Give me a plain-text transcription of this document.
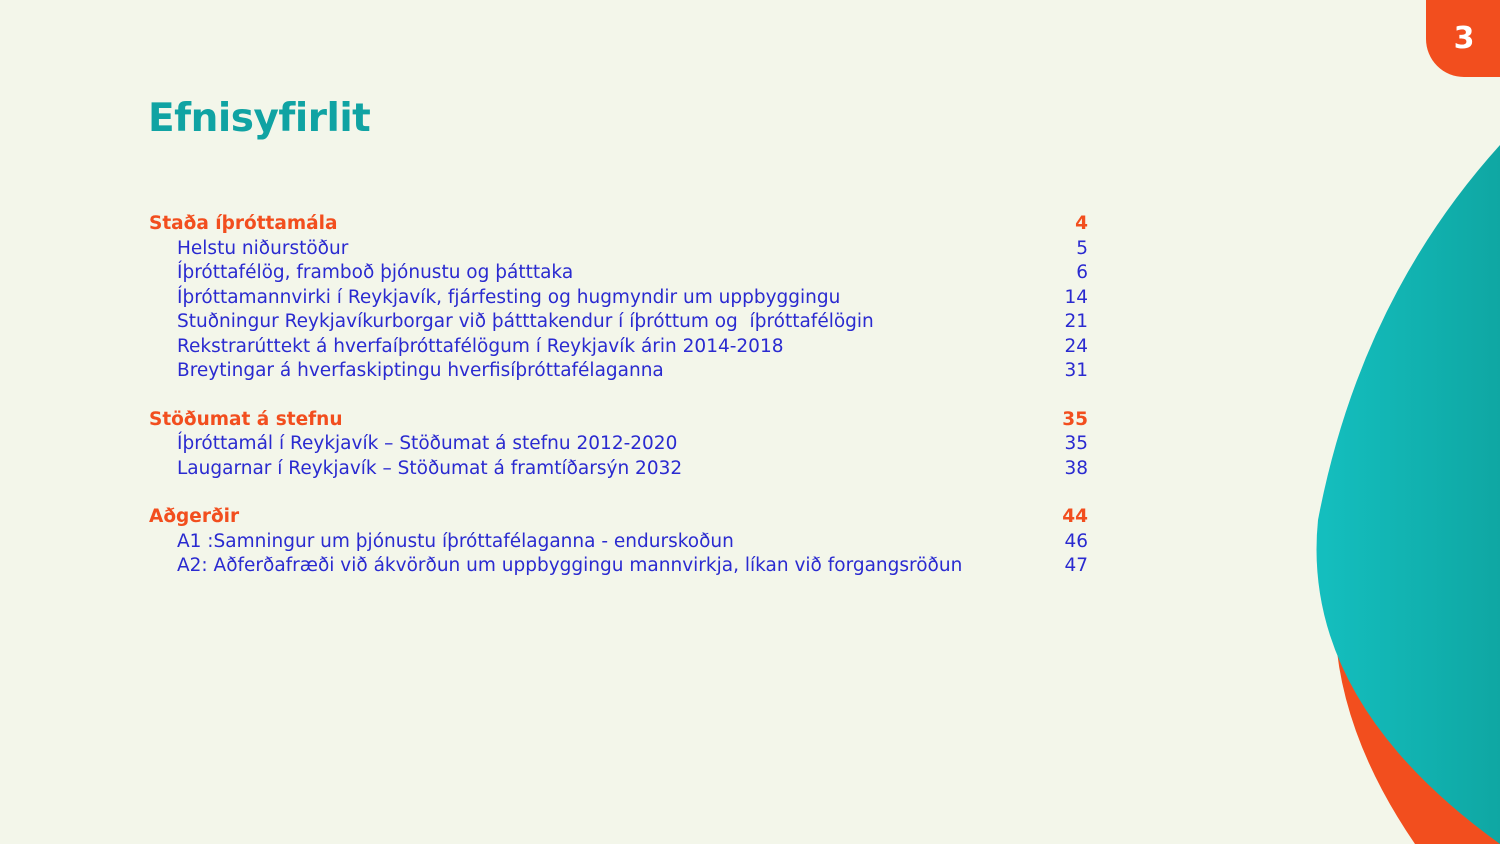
3
Efnisyfirlit
Staða íþróttamála	4
Helstu niðurstöður	5
Íþróttafélög, framboð þjónustu og þátttaka	6
Íþróttamannvirki í Reykjavík, fjárfesting og hugmyndir um uppbyggingu	14
Stuðningur Reykjavíkurborgar við þátttakendur í íþróttum og  íþróttafélögin	21
Rekstrarúttekt á hverfaíþróttafélögum í Reykjavík árin 2014-2018	24
Breytingar á hverfaskiptingu hverfisíþróttafélaganna	31
Stöðumat á stefnu	35
Íþróttamál í Reykjavík – Stöðumat á stefnu 2012-2020	35
Laugarnar í Reykjavík – Stöðumat á framtíðarsýn 2032	38
Aðgerðir	44
A1 :Samningur um þjónustu íþróttafélaganna - endurskoðun	46
A2: Aðferðafræði við ákvörðun um uppbyggingu mannvirkja, líkan við forgangsröðun	47
